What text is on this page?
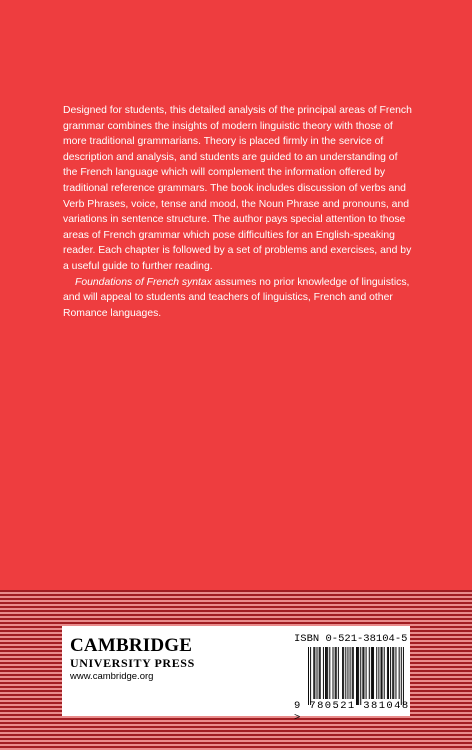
Designed for students, this detailed analysis of the principal areas of French grammar combines the insights of modern linguistic theory with those of more traditional grammarians. Theory is placed firmly in the service of description and analysis, and students are guided to an understanding of the French language which will complement the information offered by traditional reference grammars. The book includes discussion of verbs and Verb Phrases, voice, tense and mood, the Noun Phrase and pronouns, and variations in sentence structure. The author pays special attention to those areas of French grammar which pose difficulties for an English-speaking reader. Each chapter is followed by a set of problems and exercises, and by a useful guide to further reading.

Foundations of French syntax assumes no prior knowledge of linguistics, and will appeal to students and teachers of linguistics, French and other Romance languages.

CAMBRIDGE
UNIVERSITY PRESS
www.cambridge.org
ISBN 0-521-38104-5
9 780521 381048 >
